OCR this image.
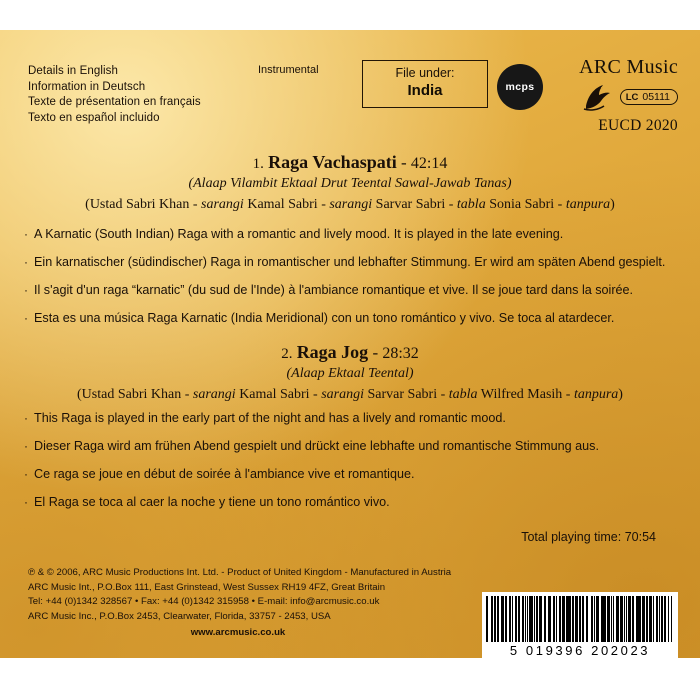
Details in English
Information in Deutsch
Texte de présentation en français
Texto en español incluido
Instrumental	File under:
India	mcps
ARC Music
LC 05111
EUCD 2020
1. Raga Vachaspati - 42:14
(Alaap Vilambit Ektaal Drut Teental Sawal-Jawab Tanas)
(Ustad Sabri Khan - sarangi Kamal Sabri - sarangi Sarvar Sabri - tabla Sonia Sabri - tanpura)
· A Karnatic (South Indian) Raga with a romantic and lively mood. It is played in the late evening.
· Ein karnatischer (südindischer) Raga in romantischer und lebhafter Stimmung. Er wird am späten Abend gespielt.
· Il s'agit d'un raga “karnatic” (du sud de l'Inde) à l'ambiance romantique et vive. Il se joue tard dans la soirée.
· Esta es una música Raga Karnatic (India Meridional) con un tono romántico y vivo. Se toca al atardecer.
2. Raga Jog - 28:32
(Alaap Ektaal Teental)
(Ustad Sabri Khan - sarangi Kamal Sabri - sarangi Sarvar Sabri - tabla Wilfred Masih - tanpura)
· This Raga is played in the early part of the night and has a lively and romantic mood.
· Dieser Raga wird am frühen Abend gespielt und drückt eine lebhafte und romantische Stimmung aus.
· Ce raga se joue en début de soirée à l'ambiance vive et romantique.
· El Raga se toca al caer la noche y tiene un tono romántico vivo.
Total playing time: 70:54
℗ & © 2006, ARC Music Productions Int. Ltd. - Product of United Kingdom - Manufactured in Austria
ARC Music Int., P.O.Box 111, East Grinstead, West Sussex RH19 4FZ, Great Britain
Tel: +44 (0)1342 328567 • Fax: +44 (0)1342 315958 • E-mail: info@arcmusic.co.uk
ARC Music Inc., P.O.Box 2453, Clearwater, Florida, 33757 - 2453, USA
www.arcmusic.co.uk
5 019396 202023
